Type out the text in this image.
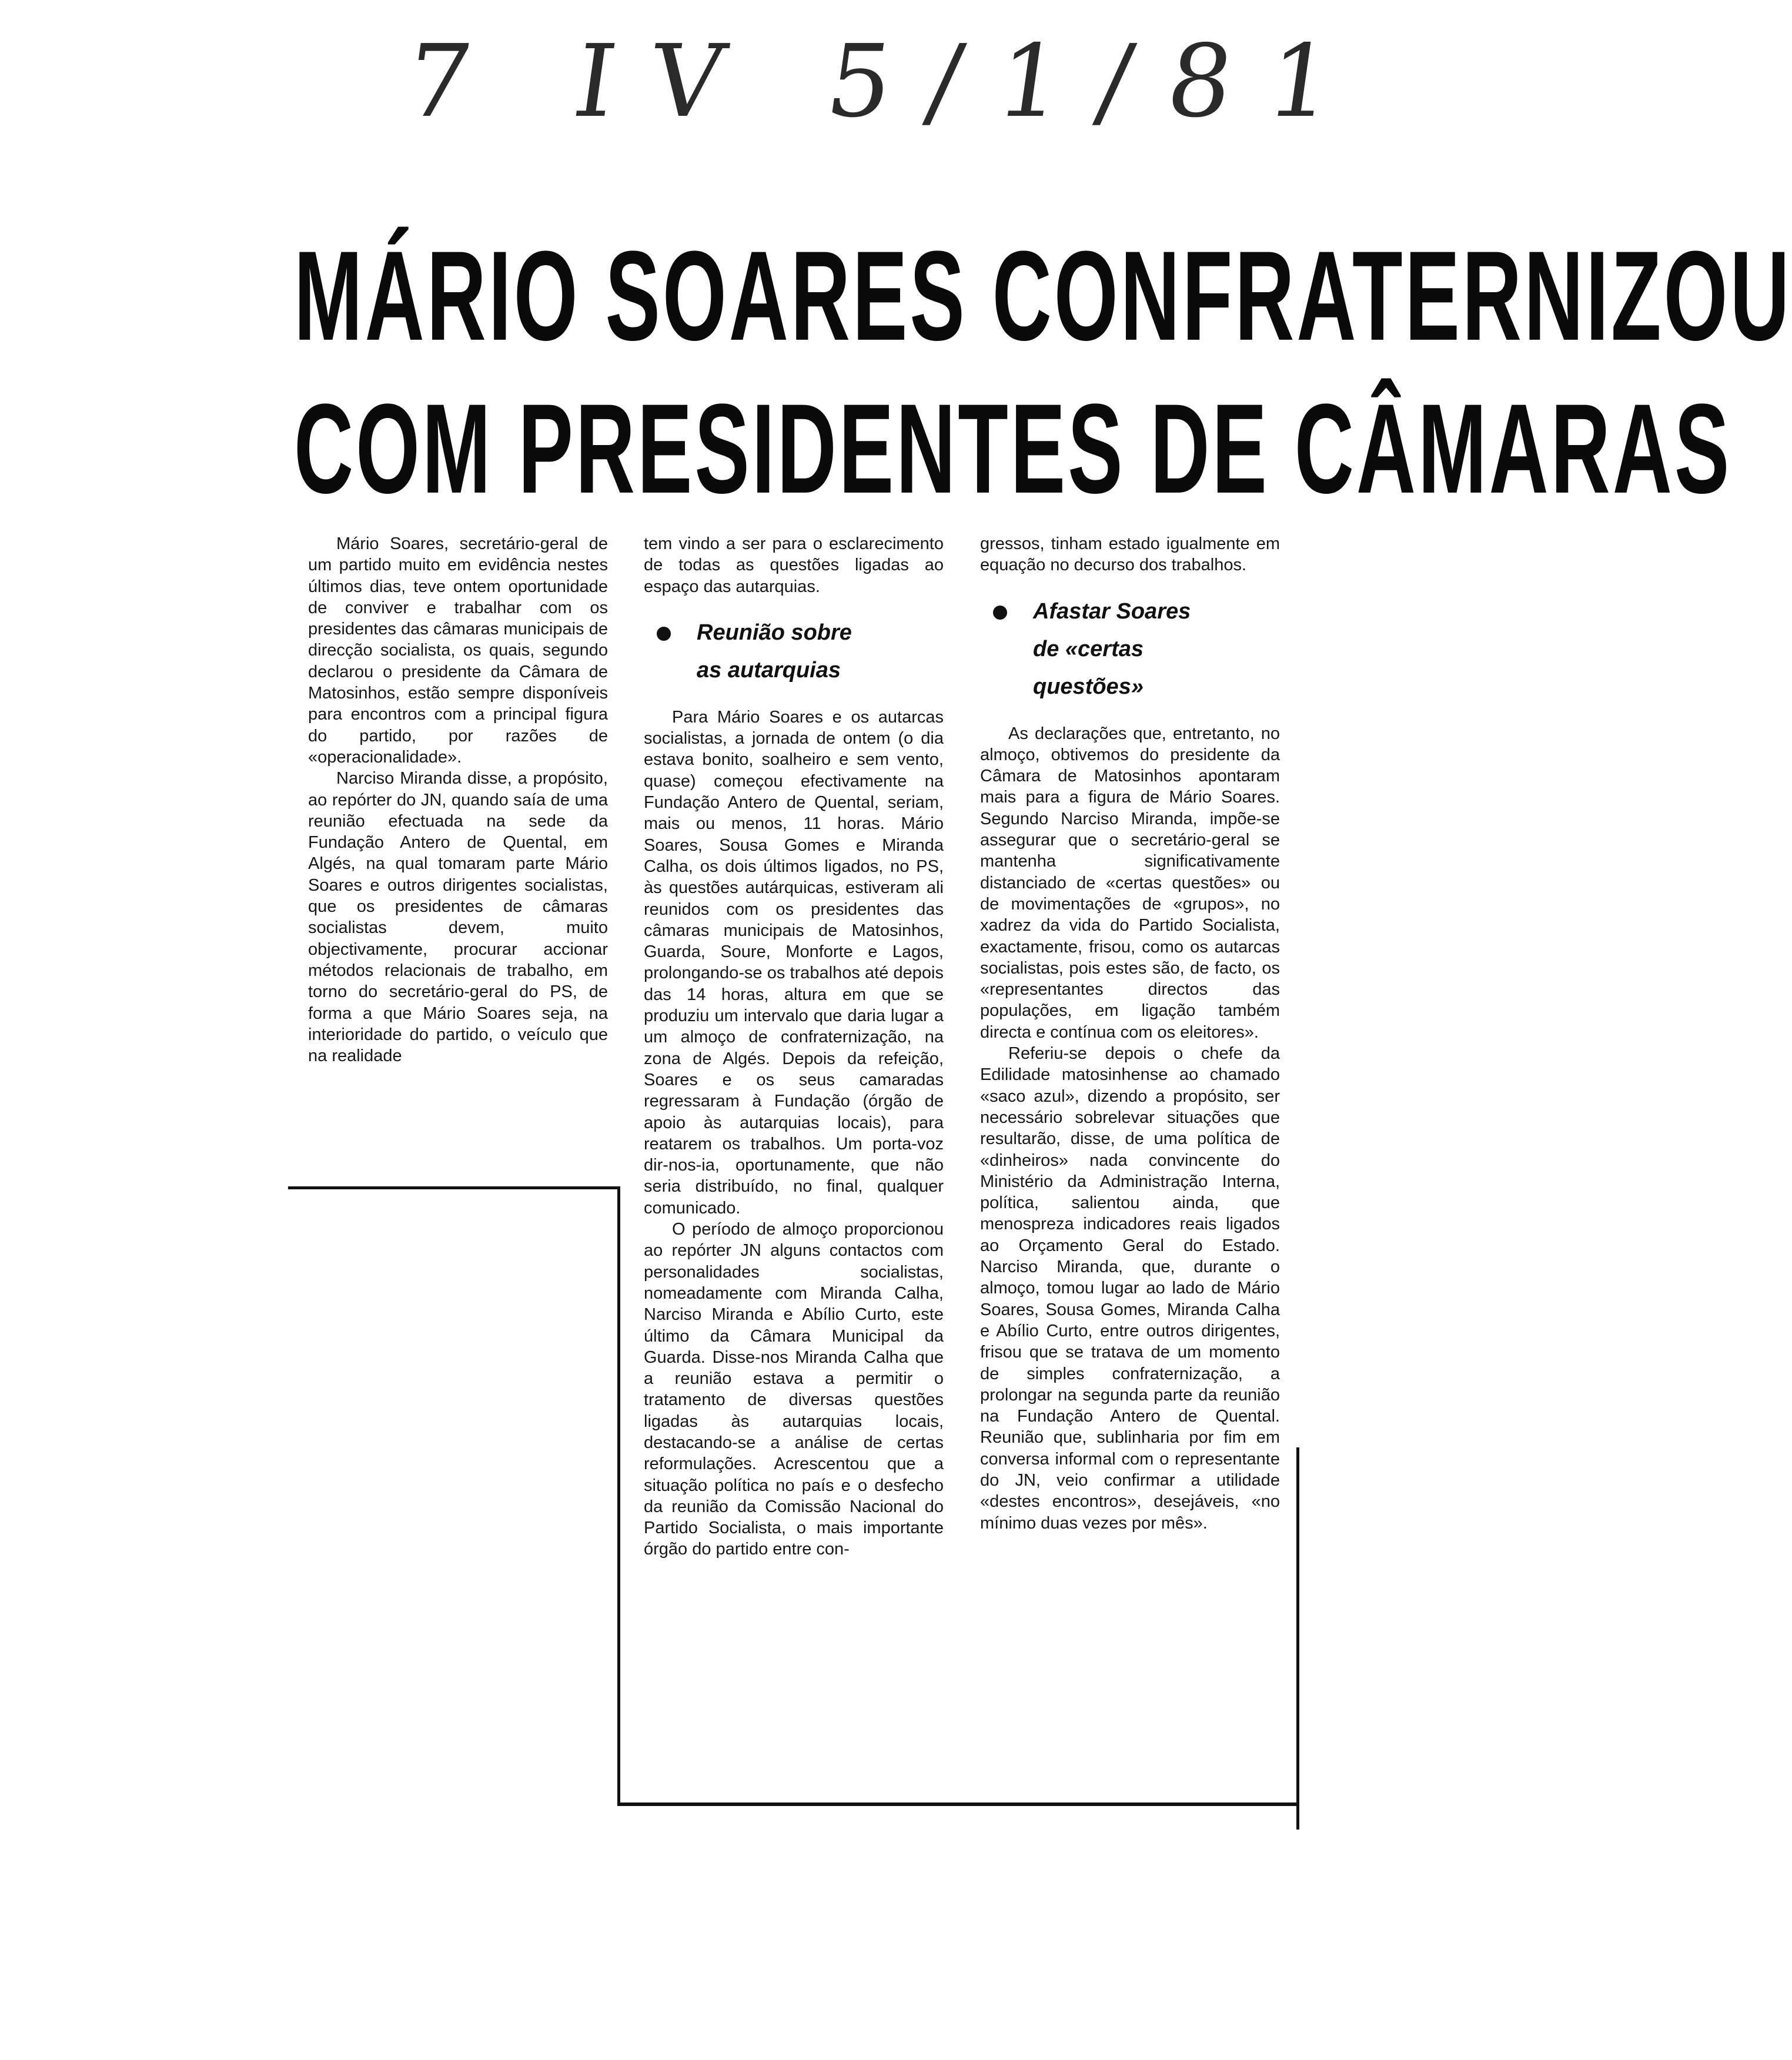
7 IV 5/1/81
MÁRIO SOARES CONFRATERNIZOU
COM PRESIDENTES DE CÂMARAS

Mário Soares, secretário-geral de um partido muito em evidência nestes últimos dias, teve ontem oportunidade de conviver e trabalhar com os presidentes das câmaras municipais de direcção socialista, os quais, segundo declarou o presidente da Câmara de Matosinhos, estão sempre disponíveis para encontros com a principal figura do partido, por razões de «operacionalidade».

Narciso Miranda disse, a propósito, ao repórter do JN, quando saía de uma reunião efectuada na sede da Fundação Antero de Quental, em Algés, na qual tomaram parte Mário Soares e outros dirigentes socialistas, que os presidentes de câmaras socialistas devem, muito objectivamente, procurar accionar métodos relacionais de trabalho, em torno do secretário-geral do PS, de forma a que Mário Soares seja, na interioridade do partido, o veículo que na realidade

tem vindo a ser para o esclarecimento de todas as questões ligadas ao espaço das autarquias.

Reunião sobre
as autarquias

Para Mário Soares e os autarcas socialistas, a jornada de ontem (o dia estava bonito, soalheiro e sem vento, quase) começou efectivamente na Fundação Antero de Quental, seriam, mais ou menos, 11 horas. Mário Soares, Sousa Gomes e Miranda Calha, os dois últimos ligados, no PS, às questões autárquicas, estiveram ali reunidos com os presidentes das câmaras municipais de Matosinhos, Guarda, Soure, Monforte e Lagos, prolongando-se os trabalhos até depois das 14 horas, altura em que se produziu um intervalo que daria lugar a um almoço de confraternização, na zona de Algés. Depois da refeição, Soares e os seus camaradas regressaram à Fundação (órgão de apoio às autarquias locais), para reatarem os trabalhos. Um porta-voz dir-nos-ia, oportunamente, que não seria distribuído, no final, qualquer comunicado.

O período de almoço proporcionou ao repórter JN alguns contactos com personalidades socialistas, nomeadamente com Miranda Calha, Narciso Miranda e Abílio Curto, este último da Câmara Municipal da Guarda. Disse-nos Miranda Calha que a reunião estava a permitir o tratamento de diversas questões ligadas às autarquias locais, destacando-se a análise de certas reformulações. Acrescentou que a situação política no país e o desfecho da reunião da Comissão Nacional do Partido Socialista, o mais importante órgão do partido entre con-

gressos, tinham estado igualmente em equação no decurso dos trabalhos.

Afastar Soares
de «certas
questões»

As declarações que, entretanto, no almoço, obtivemos do presidente da Câmara de Matosinhos apontaram mais para a figura de Mário Soares. Segundo Narciso Miranda, impõe-se assegurar que o secretário-geral se mantenha significativamente distanciado de «certas questões» ou de movimentações de «grupos», no xadrez da vida do Partido Socialista, exactamente, frisou, como os autarcas socialistas, pois estes são, de facto, os «representantes directos das populações, em ligação também directa e contínua com os eleitores».

Referiu-se depois o chefe da Edilidade matosinhense ao chamado «saco azul», dizendo a propósito, ser necessário sobrelevar situações que resultarão, disse, de uma política de «dinheiros» nada convincente do Ministério da Administração Interna, política, salientou ainda, que menospreza indicadores reais ligados ao Orçamento Geral do Estado. Narciso Miranda, que, durante o almoço, tomou lugar ao lado de Mário Soares, Sousa Gomes, Miranda Calha e Abílio Curto, entre outros dirigentes, frisou que se tratava de um momento de simples confraternização, a prolongar na segunda parte da reunião na Fundação Antero de Quental. Reunião que, sublinharia por fim em conversa informal com o representante do JN, veio confirmar a utilidade «destes encontros», desejáveis, «no mínimo duas vezes por mês».
